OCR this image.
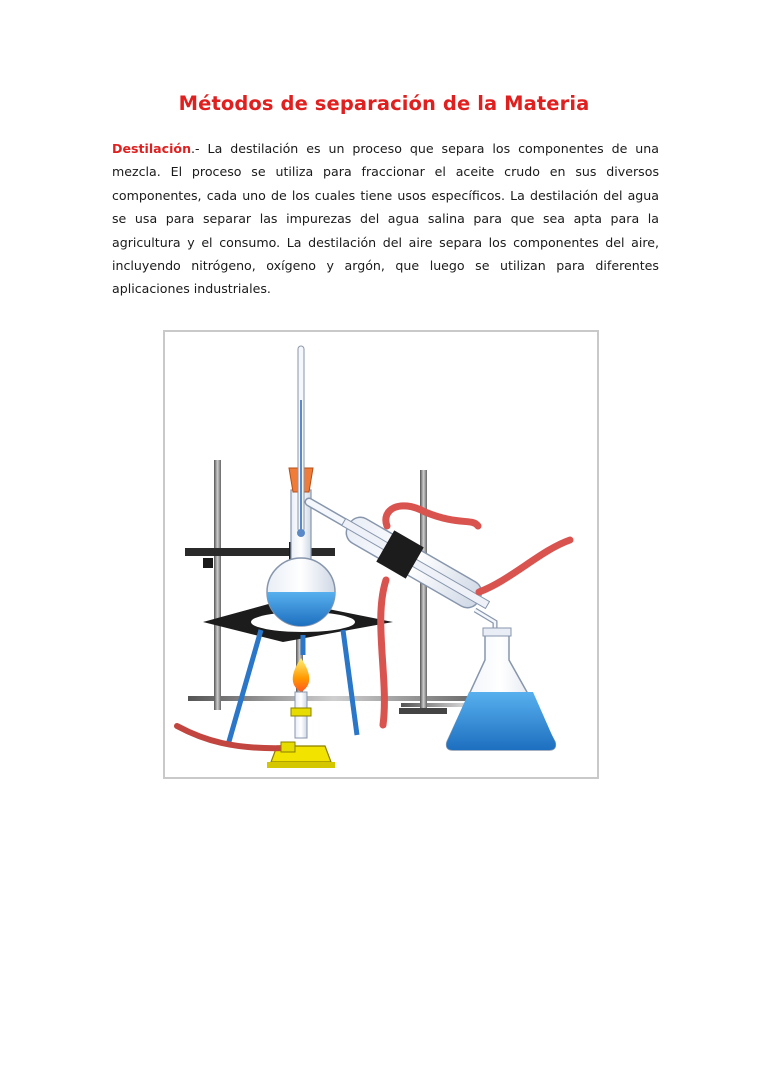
Métodos de separación de la Materia
Destilación.- La destilación es un proceso que separa los componentes de una mezcla. El proceso se utiliza para fraccionar el aceite crudo en sus diversos componentes, cada uno de los cuales tiene usos específicos. La destilación del agua se usa para separar las impurezas del agua salina para que sea apta para la agricultura y el consumo. La destilación del aire separa los componentes del aire, incluyendo nitrógeno, oxígeno y argón, que luego se utilizan para diferentes aplicaciones industriales.
